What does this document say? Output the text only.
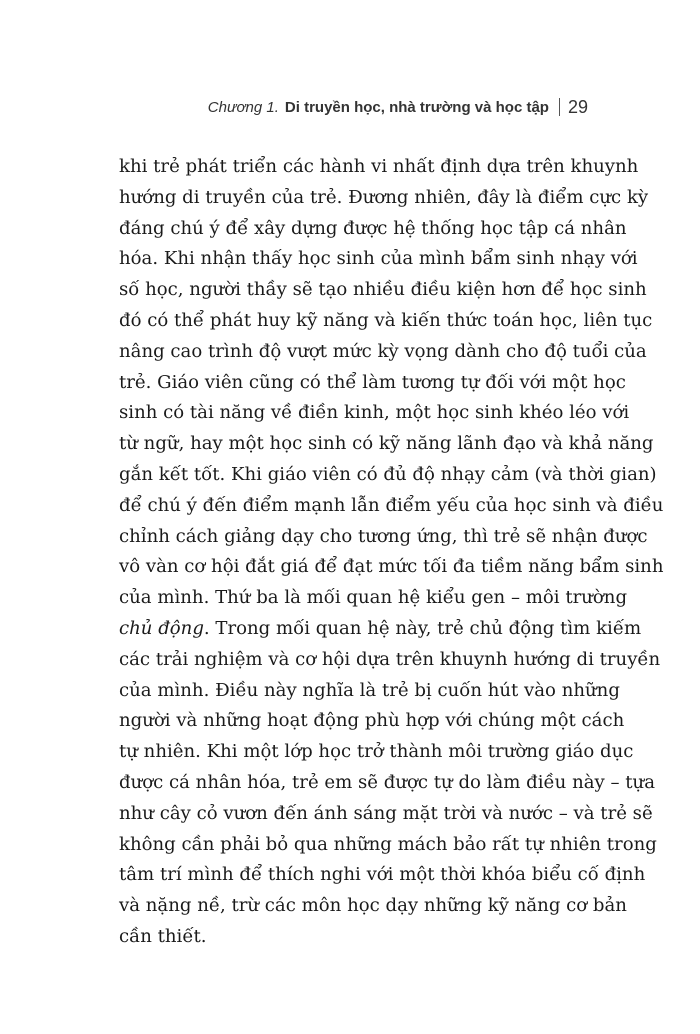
Chương 1. Di truyền học, nhà trường và học tập 29
khi trẻ phát triển các hành vi nhất định dựa trên khuynh
hướng di truyền của trẻ. Đương nhiên, đây là điểm cực kỳ
đáng chú ý để xây dựng được hệ thống học tập cá nhân
hóa. Khi nhận thấy học sinh của mình bẩm sinh nhạy với
số học, người thầy sẽ tạo nhiều điều kiện hơn để học sinh
đó có thể phát huy kỹ năng và kiến thức toán học, liên tục
nâng cao trình độ vượt mức kỳ vọng dành cho độ tuổi của
trẻ. Giáo viên cũng có thể làm tương tự đối với một học
sinh có tài năng về điền kinh, một học sinh khéo léo với
từ ngữ, hay một học sinh có kỹ năng lãnh đạo và khả năng
gắn kết tốt. Khi giáo viên có đủ độ nhạy cảm (và thời gian)
để chú ý đến điểm mạnh lẫn điểm yếu của học sinh và điều
chỉnh cách giảng dạy cho tương ứng, thì trẻ sẽ nhận được
vô vàn cơ hội đắt giá để đạt mức tối đa tiềm năng bẩm sinh
của mình. Thứ ba là mối quan hệ kiểu gen – môi trường
chủ động. Trong mối quan hệ này, trẻ chủ động tìm kiếm
các trải nghiệm và cơ hội dựa trên khuynh hướng di truyền
của mình. Điều này nghĩa là trẻ bị cuốn hút vào những
người và những hoạt động phù hợp với chúng một cách
tự nhiên. Khi một lớp học trở thành môi trường giáo dục
được cá nhân hóa, trẻ em sẽ được tự do làm điều này – tựa
như cây cỏ vươn đến ánh sáng mặt trời và nước – và trẻ sẽ
không cần phải bỏ qua những mách bảo rất tự nhiên trong
tâm trí mình để thích nghi với một thời khóa biểu cố định
và nặng nề, trừ các môn học dạy những kỹ năng cơ bản
cần thiết.
